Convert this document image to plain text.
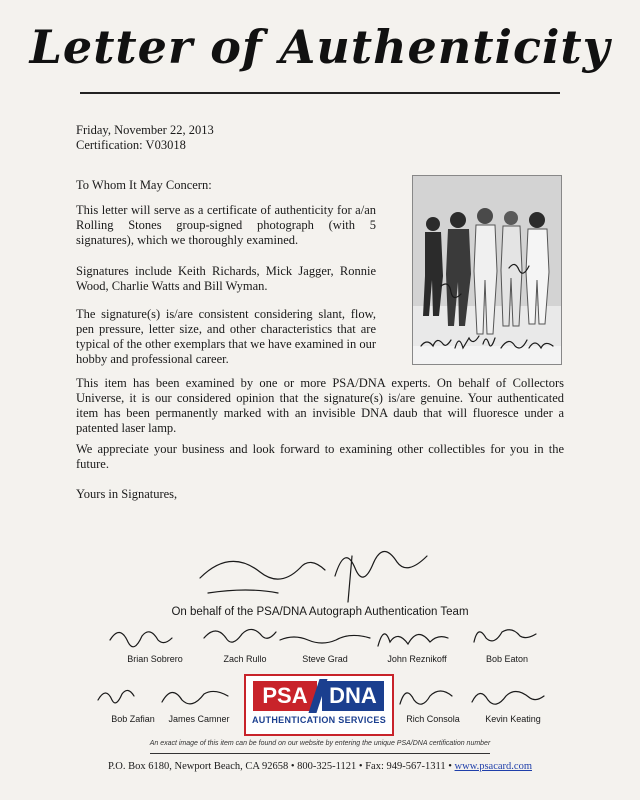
Letter of Authenticity
Friday, November 22, 2013
Certification: V03018
To Whom It May Concern:
This letter will serve as a certificate of authenticity for a/an Rolling Stones group-signed photograph (with 5 signatures), which we thoroughly examined.
Signatures include Keith Richards, Mick Jagger, Ronnie Wood, Charlie Watts and Bill Wyman.
The signature(s) is/are consistent considering slant, flow, pen pressure, letter size, and other characteristics that are typical of the other exemplars that we have examined in our hobby and professional career.
This item has been examined by one or more PSA/DNA experts. On behalf of Collectors Universe, it is our considered opinion that the signature(s) is/are genuine. Your authenticated item has been permanently marked with an invisible DNA daub that will fluoresce under a patented laser lamp.
We appreciate your business and look forward to examining other collectibles for you in the future.
Yours in Signatures,
On behalf of the PSA/DNA Autograph Authentication Team
Brian Sobrero	Zach Rullo	Steve Grad	John Reznikoff	Bob Eaton
Bob Zafian	James Camner	Rich Consola	Kevin Keating
PSA DNA
AUTHENTICATION SERVICES
An exact image of this item can be found on our website by entering the unique PSA/DNA certification number
P.O. Box 6180, Newport Beach, CA 92658 • 800-325-1121 • Fax: 949-567-1311 • www.psacard.com
